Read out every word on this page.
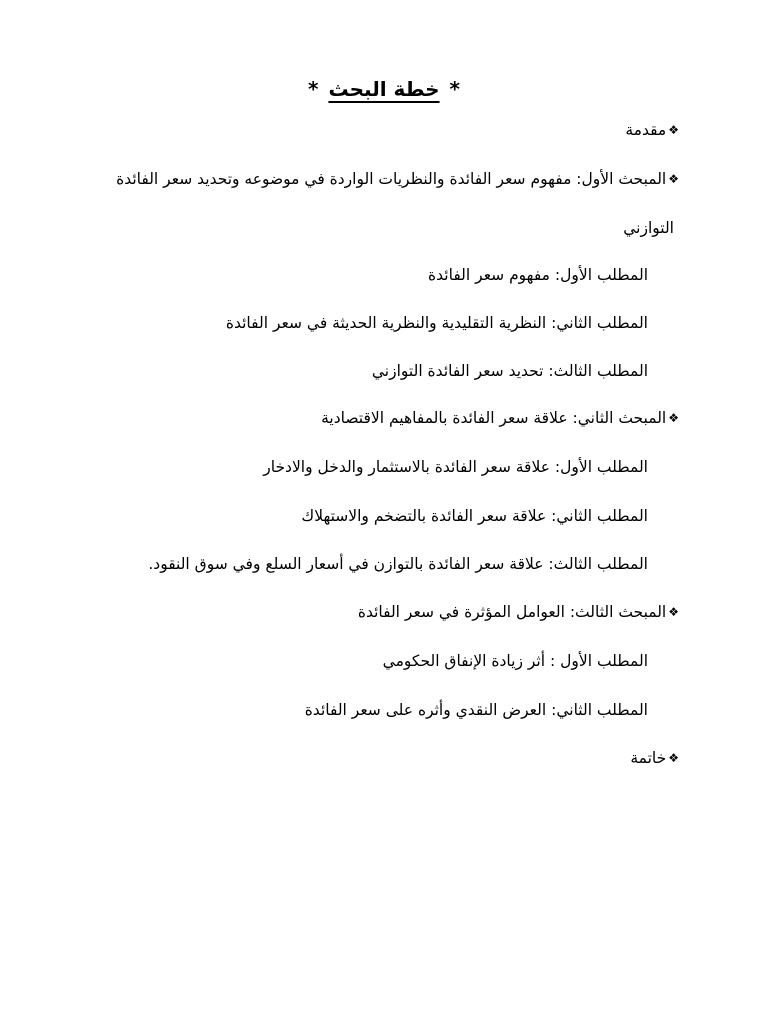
*خطة البحث*
❖مقدمة
❖المبحث الأول: مفهوم سعر الفائدة والنظريات الواردة في موضوعه وتحديد سعر الفائدة
التوازني
المطلب الأول: مفهوم سعر الفائدة
المطلب الثاني: النظرية التقليدية والنظرية الحديثة في سعر الفائدة
المطلب الثالث: تحديد سعر الفائدة التوازني
❖المبحث الثاني: علاقة سعر الفائدة بالمفاهيم الاقتصادية
المطلب الأول: علاقة سعر الفائدة بالاستثمار والدخل والادخار
المطلب الثاني: علاقة سعر الفائدة بالتضخم والاستهلاك
المطلب الثالث: علاقة سعر الفائدة بالتوازن في أسعار السلع وفي سوق النقود.
❖المبحث الثالث: العوامل المؤثرة في سعر الفائدة
المطلب الأول : أثر زيادة الإنفاق الحكومي
المطلب الثاني: العرض النقدي وأثره على سعر الفائدة
❖خاتمة
